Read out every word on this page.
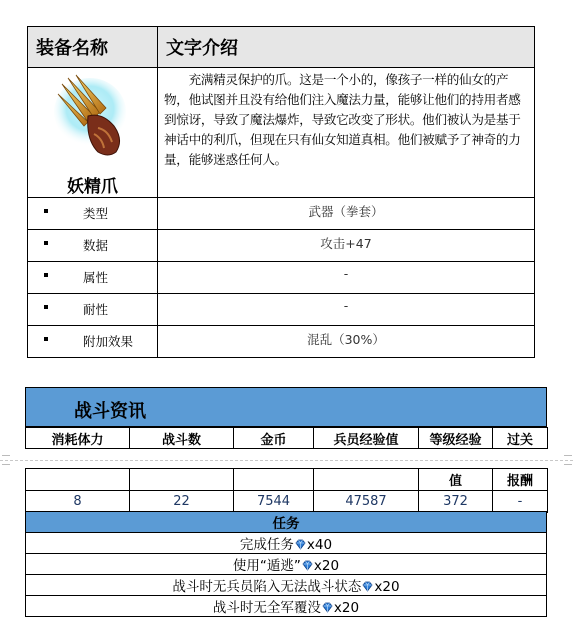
装备名称	文字介绍

妖精爪

　　充满精灵保护的爪。这是一个小的，像孩子一样的仙女的产物，他试图并且没有给他们注入魔法力量，能够让他们的持用者感到惊讶，导致了魔法爆炸，导致它改变了形状。他们被认为是基于神话中的利爪，但现在只有仙女知道真相。他们被赋予了神奇的力量，能够迷惑任何人。

类型	武器（拳套）

数据	攻击+47

属性	-

耐性	-

附加效果	混乱（30%）
战斗资讯
消耗体力	战斗数	金币	兵员经验值	等级经验	过关
				值	报酬
8	22	7544	47587	372	-
任务
完成任务 x40
使用“遁逃” x20
战斗时无兵员陷入无法战斗状态 x20
战斗时无全军覆没 x20
